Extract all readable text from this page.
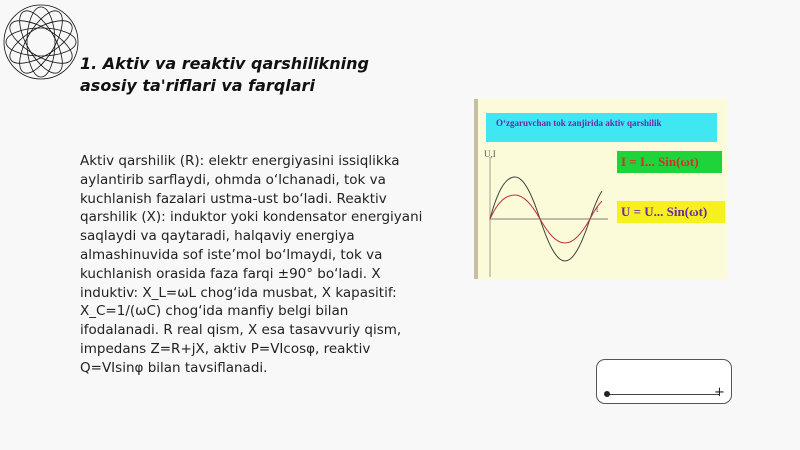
1. Aktiv va reaktiv qarshilikning
asosiy ta'riflari va farqlari
Aktiv qarshilik (R): elektr energiyasini issiqlikka aylantirib sarflaydi, ohmda o‘lchanadi, tok va kuchlanish fazalari ustma-ust bo‘ladi. Reaktiv qarshilik (X): induktor yoki kondensator energiyani saqlaydi va qaytaradi, halqaviy energiya almashinuvida sof iste’mol bo‘lmaydi, tok va kuchlanish orasida faza farqi ±90° bo‘ladi. X induktiv: X_L=ωL chog‘ida musbat, X kapasitif: X_C=1/(ωC) chog‘ida manfiy belgi bilan ifodalanadi. R real qism, X esa tasavvuriy qism, impedans Z=R+jX, aktiv P=VIcosφ, reaktiv Q=VIsinφ bilan tavsiflanadi.
O‘zgaruvchan tok zanjirida aktiv qarshilik
I = I... Sin(ωt)
U = U... Sin(ωt)
U,I
t
+
